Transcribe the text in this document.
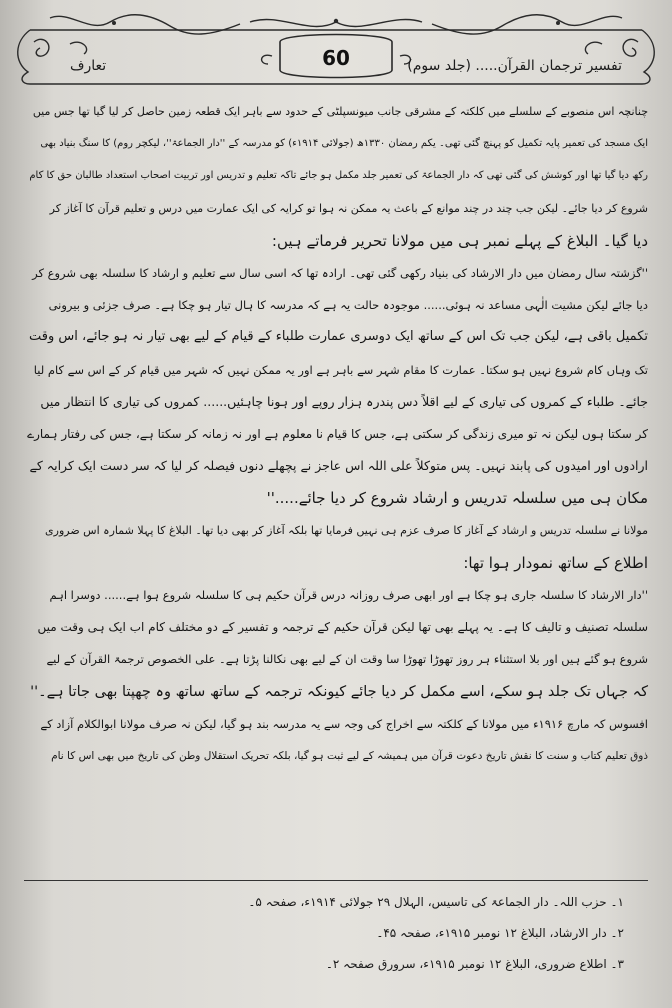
60
تعارف	تفسیر ترجمان القرآن..... (جلد سوم)

چنانچہ اس منصوبے کے سلسلے میں کلکتہ کے مشرقی جانب میونسپلٹی کے حدود سے باہر ایک قطعہ زمین حاصل کر لیا گیا تھا جس میں

ایک مسجد کی تعمیر پایہ تکمیل کو پہنچ گئی تھی۔ یکم رمضان ۱۳۳۰ھ (جولائی ۱۹۱۴ء) کو مدرسہ کے ''دار الجماعۃ''، لیکچر روم) کا سنگ بنیاد بھی

رکھ دیا گیا تھا اور کوشش کی گئی تھی کہ دار الجماعۃ کی تعمیر جلد مکمل ہو جائے تاکہ تعلیم و تدریس اور تربیت اصحاب استعداد طالبان حق کا کام

شروع کر دیا جائے۔ لیکن جب چند در چند موانع کے باعث یہ ممکن نہ ہوا تو کرایہ کی ایک عمارت میں درس و تعلیم قرآن کا آغاز کر

دیا گیا۔ البلاغ کے پہلے نمبر ہی میں مولانا تحریر فرماتے ہیں:

''گزشتہ سال رمضان میں دار الارشاد کی بنیاد رکھی گئی تھی۔ ارادہ تھا کہ اسی سال سے تعلیم و ارشاد کا سلسلہ بھی شروع کر

دیا جائے لیکن مشیت الٰہی مساعد نہ ہوئی...... موجودہ حالت یہ ہے کہ مدرسہ کا ہال تیار ہو چکا ہے۔ صرف جزئی و بیرونی

تکمیل باقی ہے، لیکن جب تک اس کے ساتھ ایک دوسری عمارت طلباء کے قیام کے لیے بھی تیار نہ ہو جائے، اس وقت

تک وہاں کام شروع نہیں ہو سکتا۔ عمارت کا مقام شہر سے باہر ہے اور یہ ممکن نہیں کہ شہر میں قیام کر کے اس سے کام لیا

جائے۔ طلباء کے کمروں کی تیاری کے لیے اقلاً دس پندرہ ہزار روپے اور ہونا چاہئیں...... کمروں کی تیاری کا انتظار میں

کر سکتا ہوں لیکن نہ تو میری زندگی کر سکتی ہے، جس کا قیام نا معلوم ہے اور نہ زمانہ کر سکتا ہے، جس کی رفتار ہمارے

ارادوں اور امیدوں کی پابند نہیں۔ پس متوکلاً علی اللہ اس عاجز نے پچھلے دنوں فیصلہ کر لیا کہ سر دست ایک کرایہ کے

مکان ہی میں سلسلہ تدریس و ارشاد شروع کر دیا جائے.....''

مولانا نے سلسلہ تدریس و ارشاد کے آغاز کا صرف عزم ہی نہیں فرمایا تھا بلکہ آغاز کر بھی دیا تھا۔ البلاغ کا پہلا شمارہ اس ضروری

اطلاع کے ساتھ نمودار ہوا تھا:

''دار الارشاد کا سلسلہ جاری ہو چکا ہے اور ابھی صرف روزانہ درس قرآن حکیم ہی کا سلسلہ شروع ہوا ہے...... دوسرا اہم

سلسلہ تصنیف و تالیف کا ہے۔ یہ پہلے بھی تھا لیکن قرآن حکیم کے ترجمہ و تفسیر کے دو مختلف کام اب ایک ہی وقت میں

شروع ہو گئے ہیں اور بلا استثناء ہر روز تھوڑا تھوڑا سا وقت ان کے لیے بھی نکالنا پڑتا ہے۔ علی الخصوص ترجمۃ القرآن کے لیے

کہ جہاں تک جلد ہو سکے، اسے مکمل کر دیا جائے کیونکہ ترجمہ کے ساتھ ساتھ وہ چھپتا بھی جاتا ہے۔''

افسوس کہ مارچ ۱۹۱۶ء میں مولانا کے کلکتہ سے اخراج کی وجہ سے یہ مدرسہ بند ہو گیا، لیکن نہ صرف مولانا ابوالکلام آزاد کے

ذوق تعلیم کتاب و سنت کا نقش تاریخ دعوت قرآن میں ہمیشہ کے لیے ثبت ہو گیا، بلکہ تحریک استقلال وطن کی تاریخ میں بھی اس کا نام

۱۔ حزب اللہ۔ دار الجماعۃ کی تاسیس، الہلال ۲۹ جولائی ۱۹۱۴ء، صفحہ ۵۔
۲۔ دار الارشاد، البلاغ ۱۲ نومبر ۱۹۱۵ء، صفحہ ۴۵۔
۳۔ اطلاع ضروری، البلاغ ۱۲ نومبر ۱۹۱۵ء، سرورق صفحہ ۲۔
